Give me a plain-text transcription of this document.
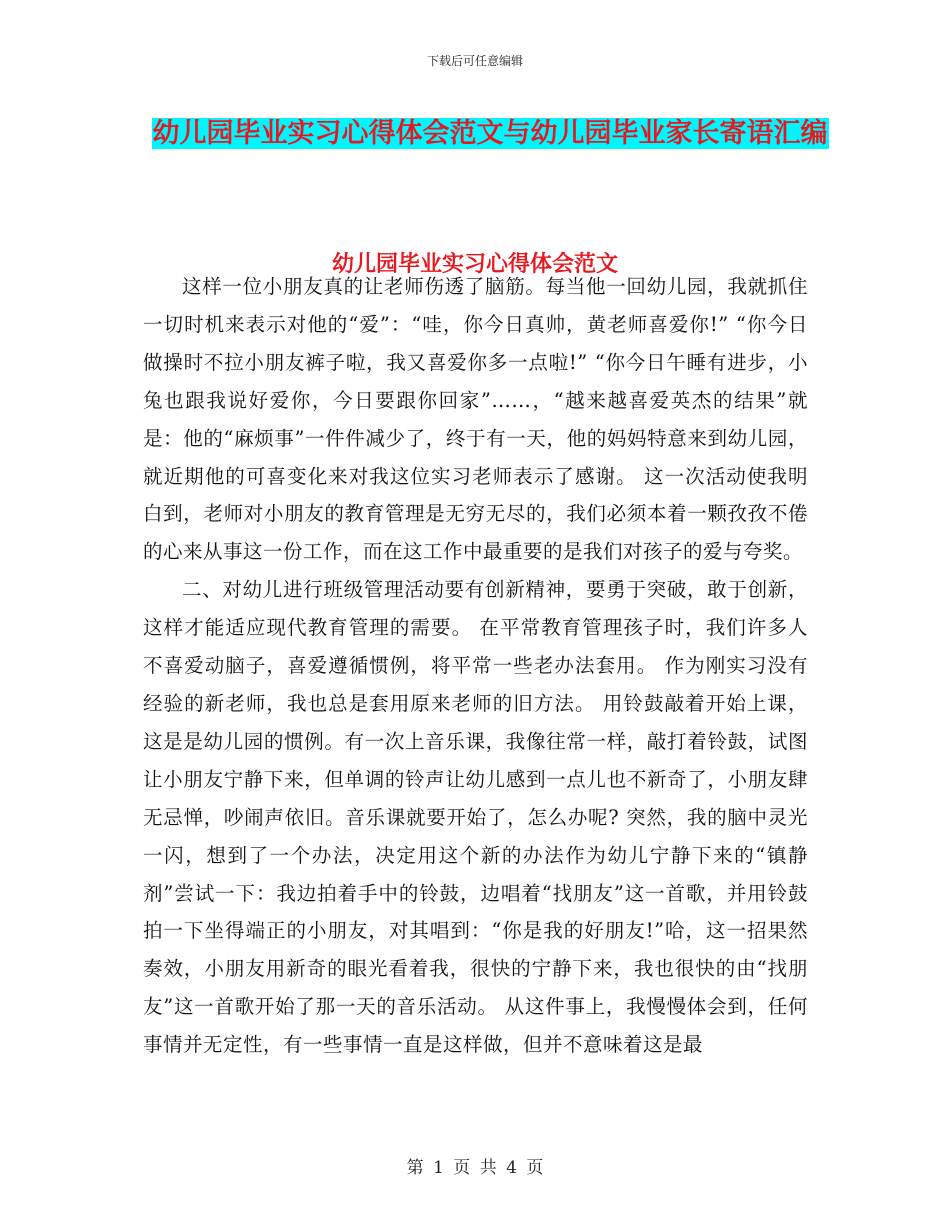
下载后可任意编辑
幼儿园毕业实习心得体会范文与幼儿园毕业家长寄语汇编
幼儿园毕业实习心得体会范文

这样一位小朋友真的让老师伤透了脑筋。每当他一回幼儿园，我就抓住一切时机来表示对他的“爱”：“哇，你今日真帅，黄老师喜爱你!” “你今日做操时不拉小朋友裤子啦，我又喜爱你多一点啦!” “你今日午睡有进步，小兔也跟我说好爱你，今日要跟你回家”……，“越来越喜爱英杰的结果”就是：他的“麻烦事”一件件减少了，终于有一天，他的妈妈特意来到幼儿园，就近期他的可喜变化来对我这位实习老师表示了感谢。 这一次活动使我明白到，老师对小朋友的教育管理是无穷无尽的，我们必须本着一颗孜孜不倦的心来从事这一份工作，而在这工作中最重要的是我们对孩子的爱与夸奖。

二、对幼儿进行班级管理活动要有创新精神，要勇于突破，敢于创新，这样才能适应现代教育管理的需要。 在平常教育管理孩子时，我们许多人不喜爱动脑子，喜爱遵循惯例，将平常一些老办法套用。 作为刚实习没有经验的新老师，我也总是套用原来老师的旧方法。 用铃鼓敲着开始上课，这是是幼儿园的惯例。有一次上音乐课，我像往常一样，敲打着铃鼓，试图让小朋友宁静下来，但单调的铃声让幼儿感到一点儿也不新奇了，小朋友肆无忌惮，吵闹声依旧。音乐课就要开始了，怎么办呢? 突然，我的脑中灵光一闪，想到了一个办法，决定用这个新的办法作为幼儿宁静下来的“镇静剂”尝试一下：我边拍着手中的铃鼓，边唱着“找朋友”这一首歌，并用铃鼓拍一下坐得端正的小朋友，对其唱到：“你是我的好朋友!”哈，这一招果然奏效，小朋友用新奇的眼光看着我，很快的宁静下来，我也很快的由“找朋友”这一首歌开始了那一天的音乐活动。 从这件事上，我慢慢体会到，任何事情并无定性，有一些事情一直是这样做，但并不意味着这是最

第 1 页 共 4 页
